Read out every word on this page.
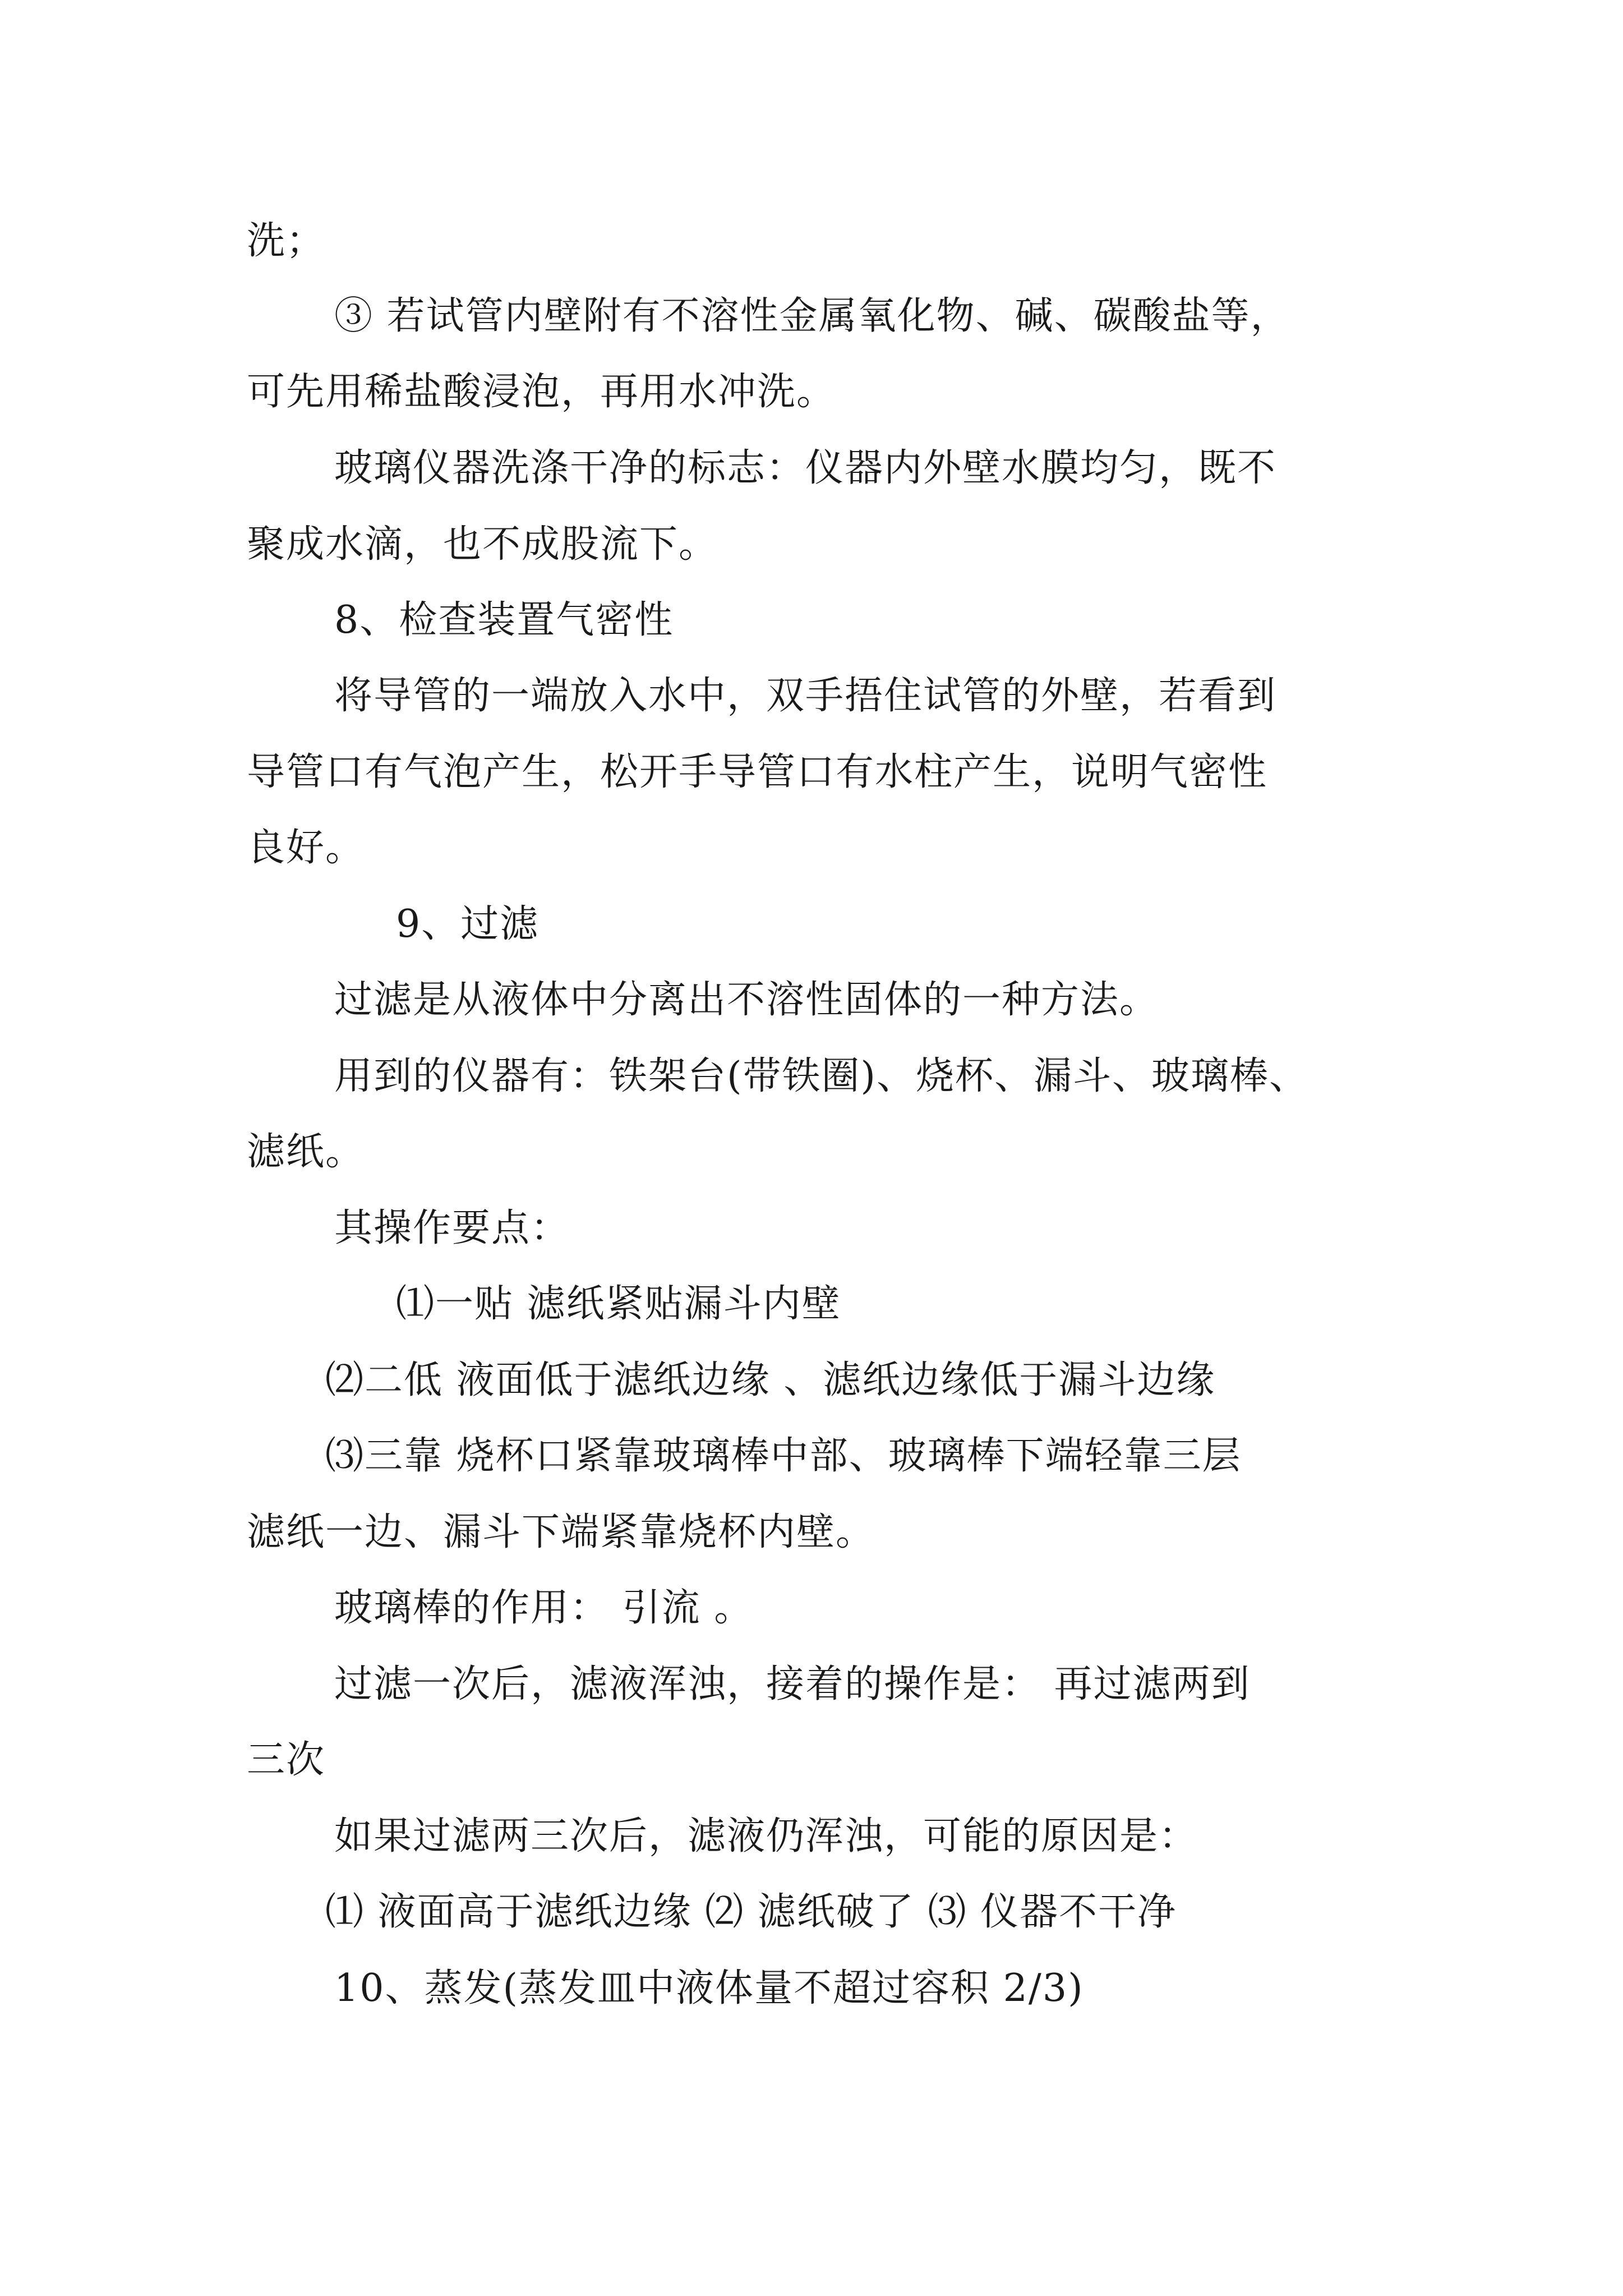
洗；
③ 若试管内壁附有不溶性金属氧化物、碱、碳酸盐等，
可先用稀盐酸浸泡，再用水冲洗。
玻璃仪器洗涤干净的标志：仪器内外壁水膜均匀，既不
聚成水滴，也不成股流下。
8、检查装置气密性
将导管的一端放入水中，双手捂住试管的外壁，若看到
导管口有气泡产生，松开手导管口有水柱产生，说明气密性
良好。
9、过滤
过滤是从液体中分离出不溶性固体的一种方法。
用到的仪器有：铁架台(带铁圈)、烧杯、漏斗、玻璃棒、
滤纸。
其操作要点：
⑴一贴 滤纸紧贴漏斗内壁
⑵二低 液面低于滤纸边缘 、滤纸边缘低于漏斗边缘
⑶三靠 烧杯口紧靠玻璃棒中部、玻璃棒下端轻靠三层
滤纸一边、漏斗下端紧靠烧杯内壁。
玻璃棒的作用： 引流 。
过滤一次后，滤液浑浊，接着的操作是： 再过滤两到
三次
如果过滤两三次后，滤液仍浑浊，可能的原因是：
⑴ 液面高于滤纸边缘 ⑵ 滤纸破了 ⑶ 仪器不干净
10、蒸发(蒸发皿中液体量不超过容积 2/3)
